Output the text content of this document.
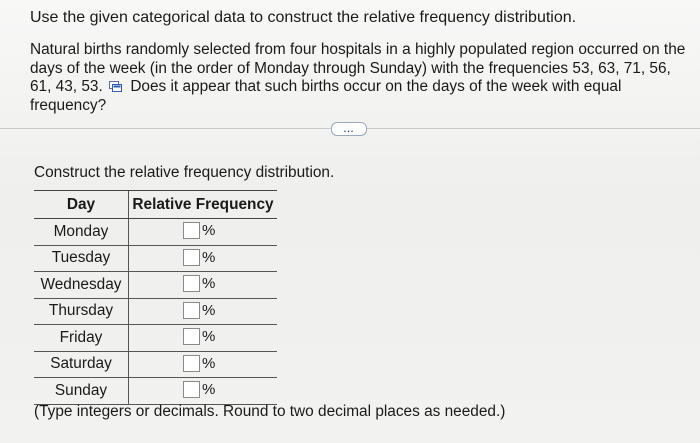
Use the given categorical data to construct the relative frequency distribution.
Natural births randomly selected from four hospitals in a highly populated region occurred on the days of the week (in the order of Monday through Sunday) with the frequencies 53, 63, 71, 56, 61, 43, 53. Does it appear that such births occur on the days of the week with equal frequency?
...
Construct the relative frequency distribution.
Day	Relative Frequency
Monday	%

Tuesday	%

Wednesday	%

Thursday	%

Friday	%

Saturday	%

Sunday	%
(Type integers or decimals. Round to two decimal places as needed.)
